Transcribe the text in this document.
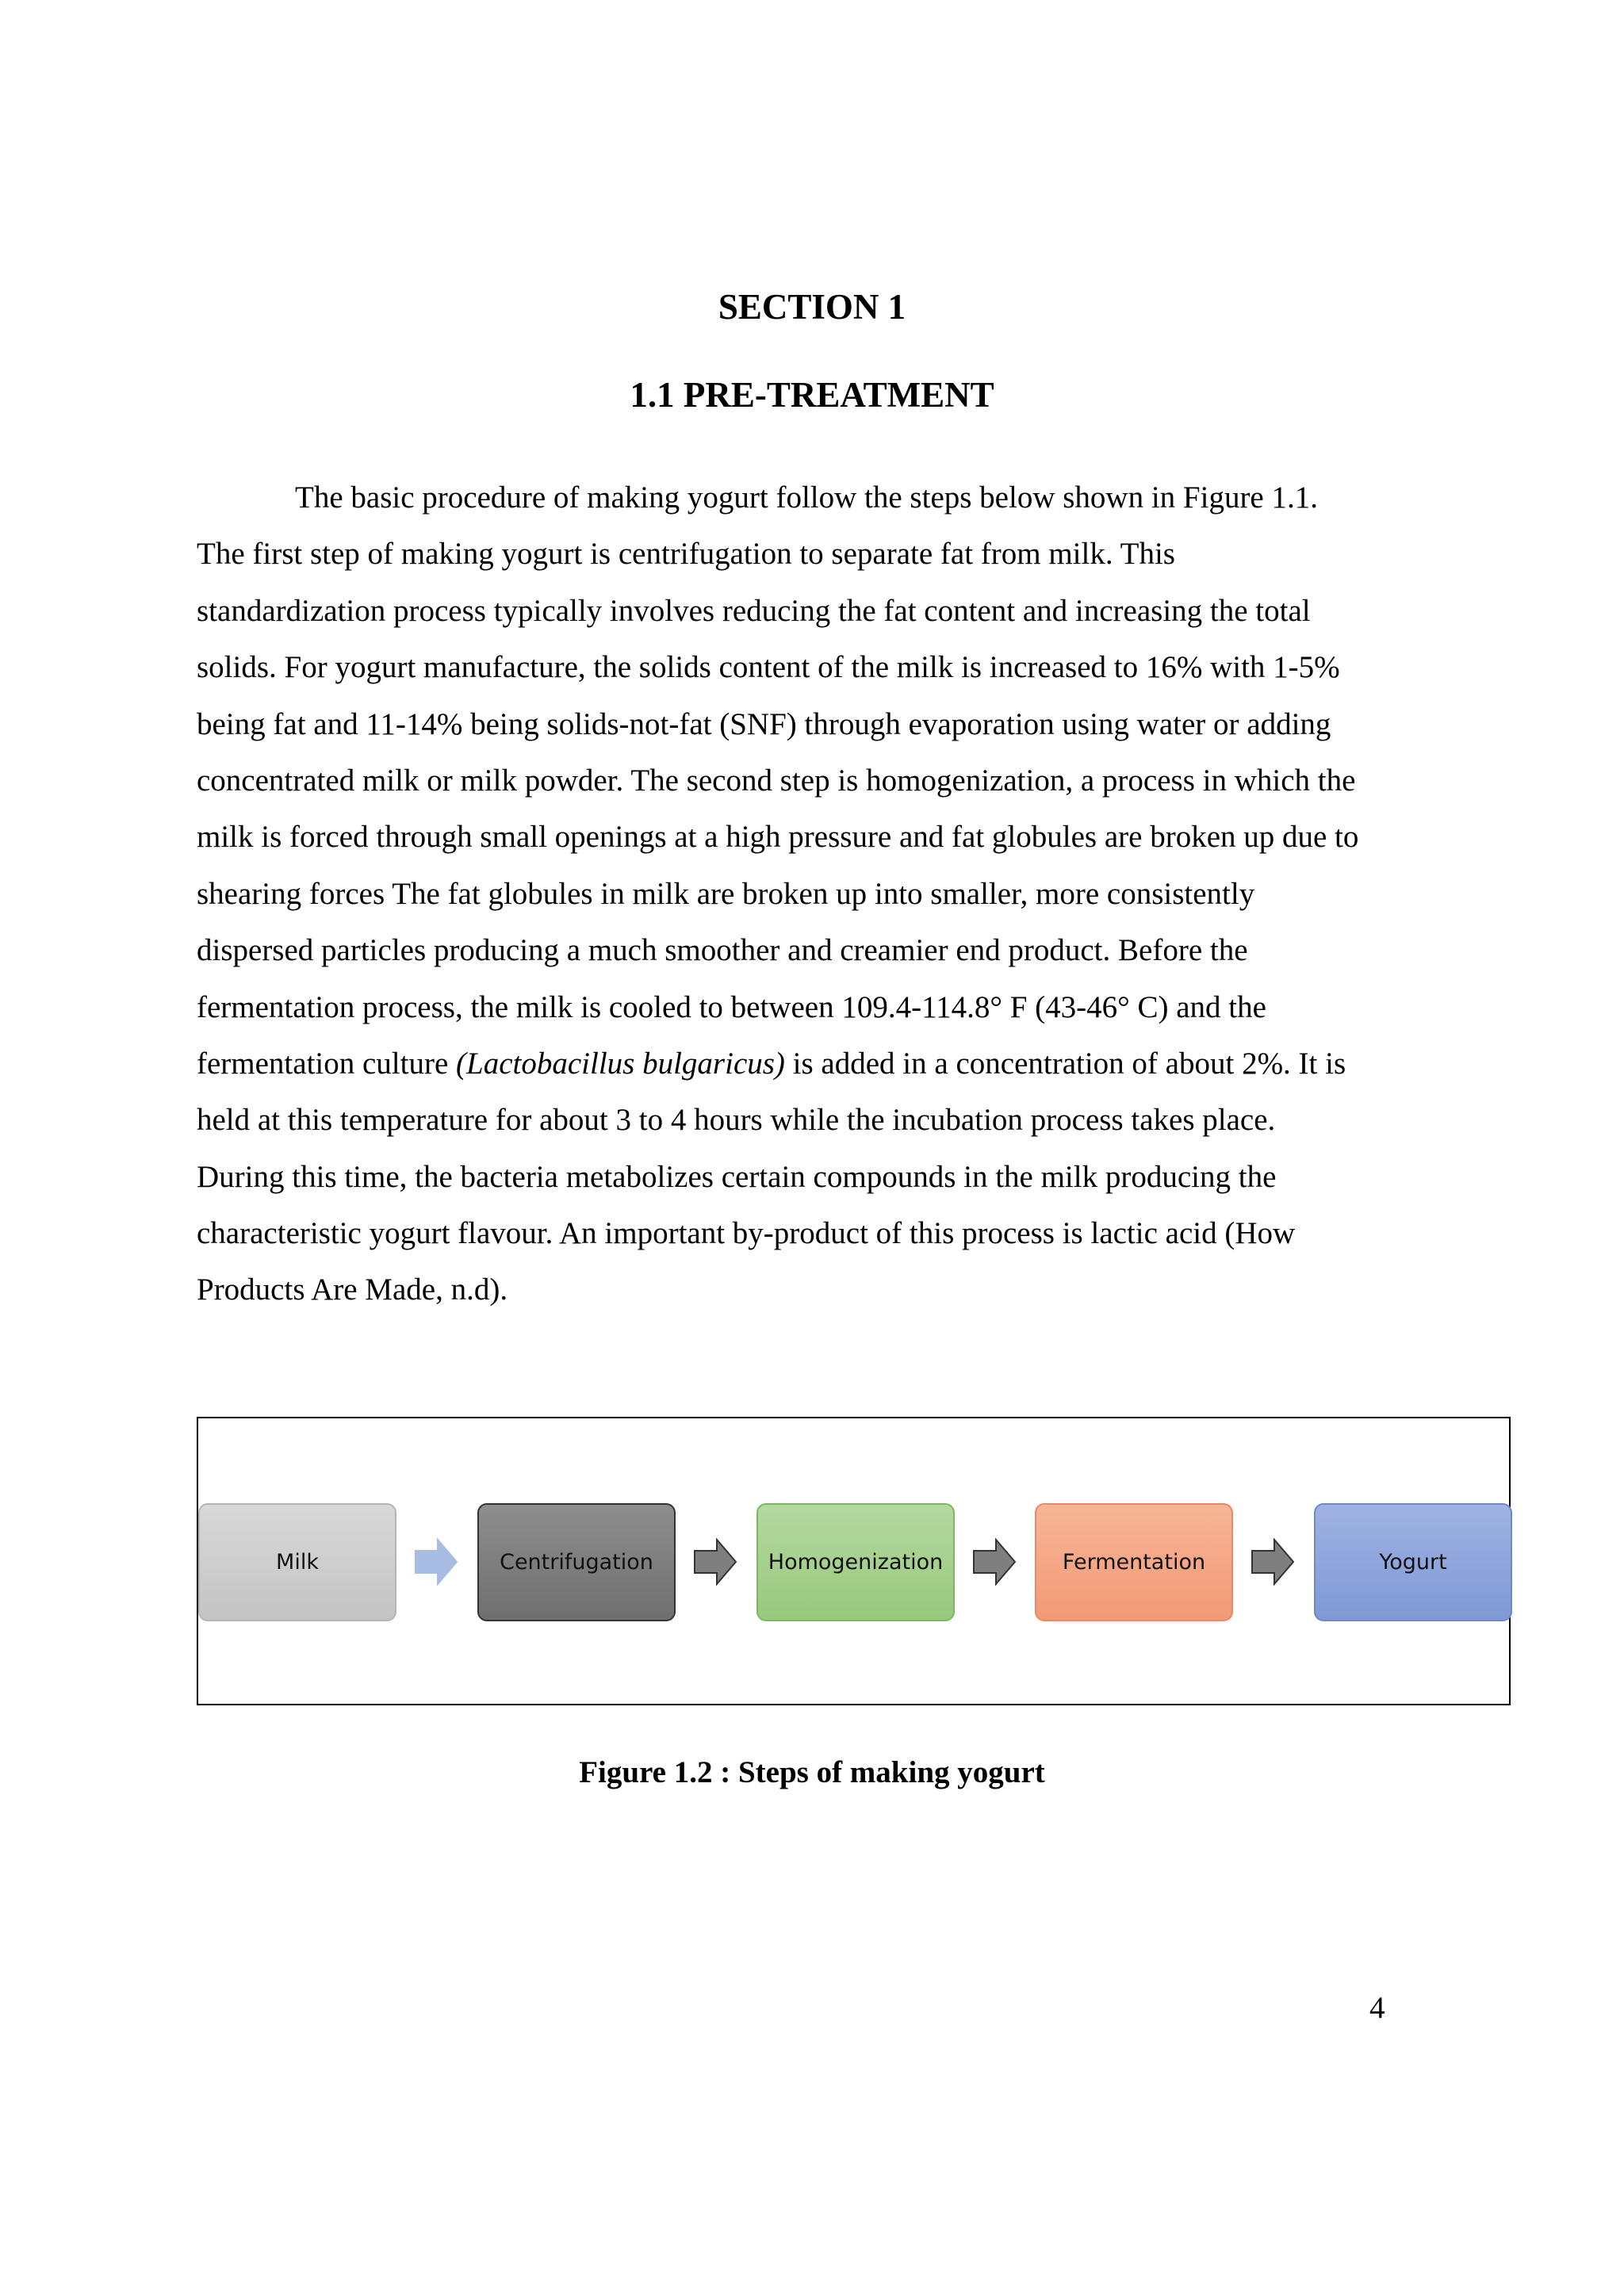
SECTION 1
1.1 PRE-TREATMENT
The basic procedure of making yogurt follow the steps below shown in Figure 1.1.
The first step of making yogurt is centrifugation to separate fat from milk. This
standardization process typically involves reducing the fat content and increasing the total
solids. For yogurt manufacture, the solids content of the milk is increased to 16% with 1-5%
being fat and 11-14% being solids-not-fat (SNF) through evaporation using water or adding
concentrated milk or milk powder. The second step is homogenization, a process in which the
milk is forced through small openings at a high pressure and fat globules are broken up due to
shearing forces The fat globules in milk are broken up into smaller, more consistently
dispersed particles producing a much smoother and creamier end product. Before the
fermentation process, the milk is cooled to between 109.4-114.8° F (43-46° C) and the
fermentation culture (Lactobacillus bulgaricus) is added in a concentration of about 2%. It is
held at this temperature for about 3 to 4 hours while the incubation process takes place.
During this time, the bacteria metabolizes certain compounds in the milk producing the
characteristic yogurt flavour. An important by-product of this process is lactic acid (How
Products Are Made, n.d).
Milk	Centrifugation	Homogenization	Fermentation	Yogurt
Figure 1.2 : Steps of making yogurt
4
